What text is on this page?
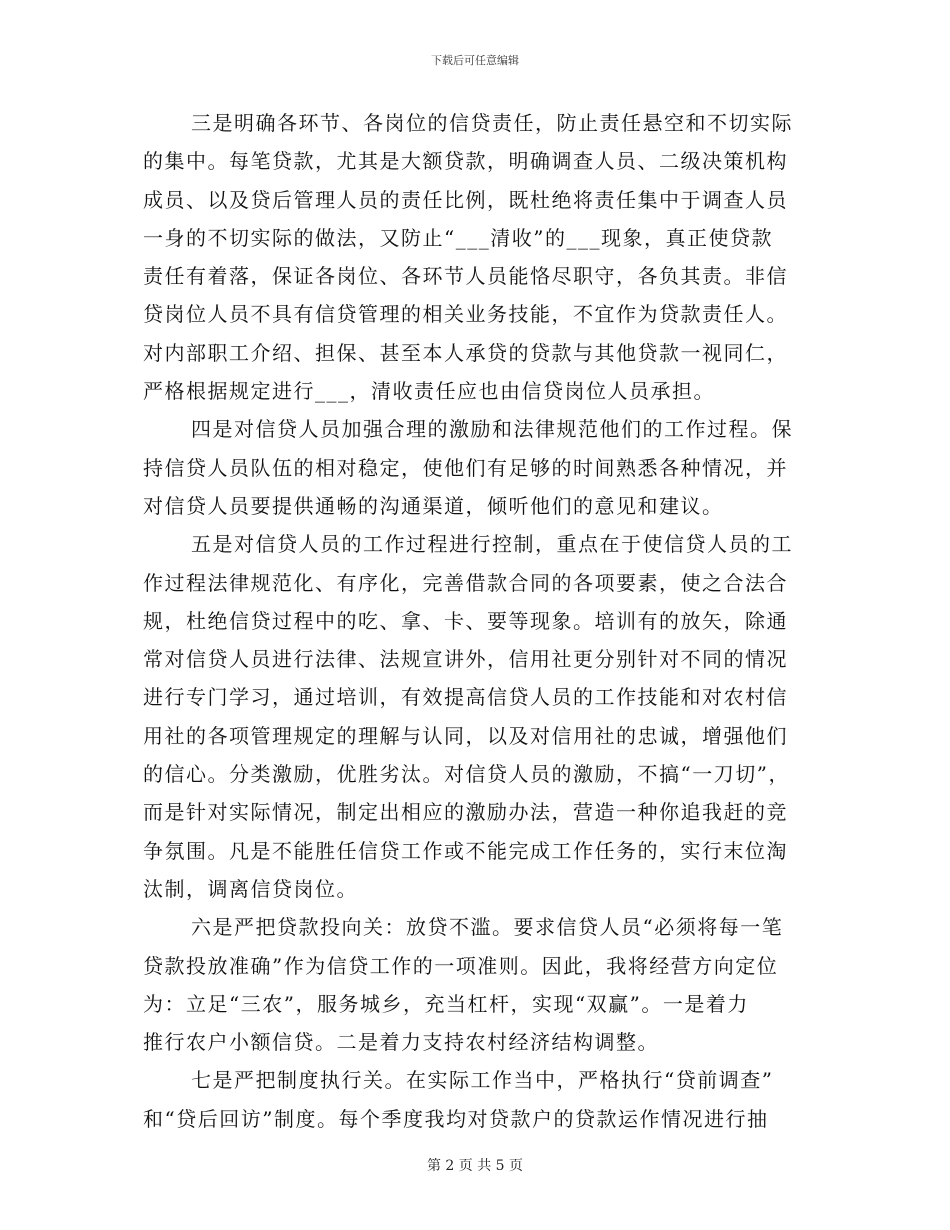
下载后可任意编辑
三是明确各环节、各岗位的信贷责任，防止责任悬空和不切实际
的集中。每笔贷款，尤其是大额贷款，明确调查人员、二级决策机构
成员、以及贷后管理人员的责任比例，既杜绝将责任集中于调查人员
一身的不切实际的做法，又防止“___清收”的___现象，真正使贷款
责任有着落，保证各岗位、各环节人员能恪尽职守，各负其责。非信
贷岗位人员不具有信贷管理的相关业务技能，不宜作为贷款责任人。
对内部职工介绍、担保、甚至本人承贷的贷款与其他贷款一视同仁，
严格根据规定进行___，清收责任应也由信贷岗位人员承担。
四是对信贷人员加强合理的激励和法律规范他们的工作过程。保
持信贷人员队伍的相对稳定，使他们有足够的时间熟悉各种情况，并
对信贷人员要提供通畅的沟通渠道，倾听他们的意见和建议。
五是对信贷人员的工作过程进行控制，重点在于使信贷人员的工
作过程法律规范化、有序化，完善借款合同的各项要素，使之合法合
规，杜绝信贷过程中的吃、拿、卡、要等现象。培训有的放矢，除通
常对信贷人员进行法律、法规宣讲外，信用社更分别针对不同的情况
进行专门学习，通过培训，有效提高信贷人员的工作技能和对农村信
用社的各项管理规定的理解与认同，以及对信用社的忠诚，增强他们
的信心。分类激励，优胜劣汰。对信贷人员的激励，不搞“一刀切”，
而是针对实际情况，制定出相应的激励办法，营造一种你追我赶的竞
争氛围。凡是不能胜任信贷工作或不能完成工作任务的，实行末位淘
汰制，调离信贷岗位。
六是严把贷款投向关：放贷不滥。要求信贷人员“必须将每一笔
贷款投放准确”作为信贷工作的一项准则。因此，我将经营方向定位
为：立足“三农”，服务城乡，充当杠杆，实现“双赢”。一是着力
推行农户小额信贷。二是着力支持农村经济结构调整。
七是严把制度执行关。在实际工作当中，严格执行“贷前调查”
和“贷后回访”制度。每个季度我均对贷款户的贷款运作情况进行抽
第 2 页 共 5 页
